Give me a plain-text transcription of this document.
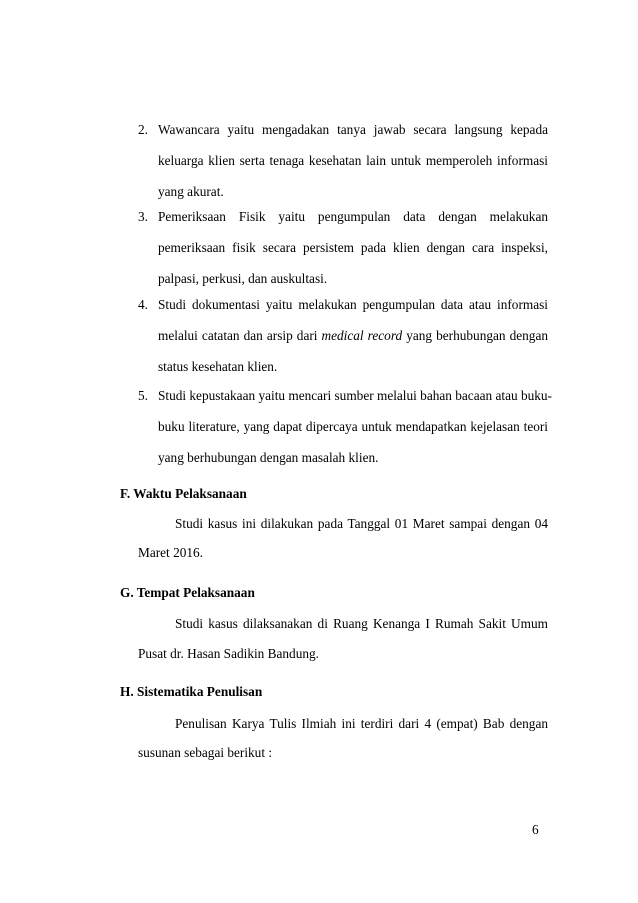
2. Wawancara yaitu mengadakan tanya jawab secara langsung kepada
keluarga klien serta tenaga kesehatan lain untuk memperoleh informasi
yang akurat.
3. Pemeriksaan Fisik yaitu pengumpulan data dengan melakukan
pemeriksaan fisik secara persistem pada klien dengan cara inspeksi,
palpasi, perkusi, dan auskultasi.
4. Studi dokumentasi yaitu melakukan pengumpulan data atau informasi
melalui catatan dan arsip dari medical record yang berhubungan dengan
status kesehatan klien.
5. Studi kepustakaan yaitu mencari sumber melalui bahan bacaan atau buku-
buku literature, yang dapat dipercaya untuk mendapatkan kejelasan teori
yang berhubungan dengan masalah klien.
F. Waktu Pelaksanaan
Studi kasus ini dilakukan pada Tanggal 01 Maret sampai dengan 04
Maret 2016.
G. Tempat Pelaksanaan
Studi kasus dilaksanakan di Ruang Kenanga I Rumah Sakit Umum
Pusat dr. Hasan Sadikin Bandung.
H. Sistematika Penulisan
Penulisan Karya Tulis Ilmiah ini terdiri dari 4 (empat) Bab dengan
susunan sebagai berikut :
6
